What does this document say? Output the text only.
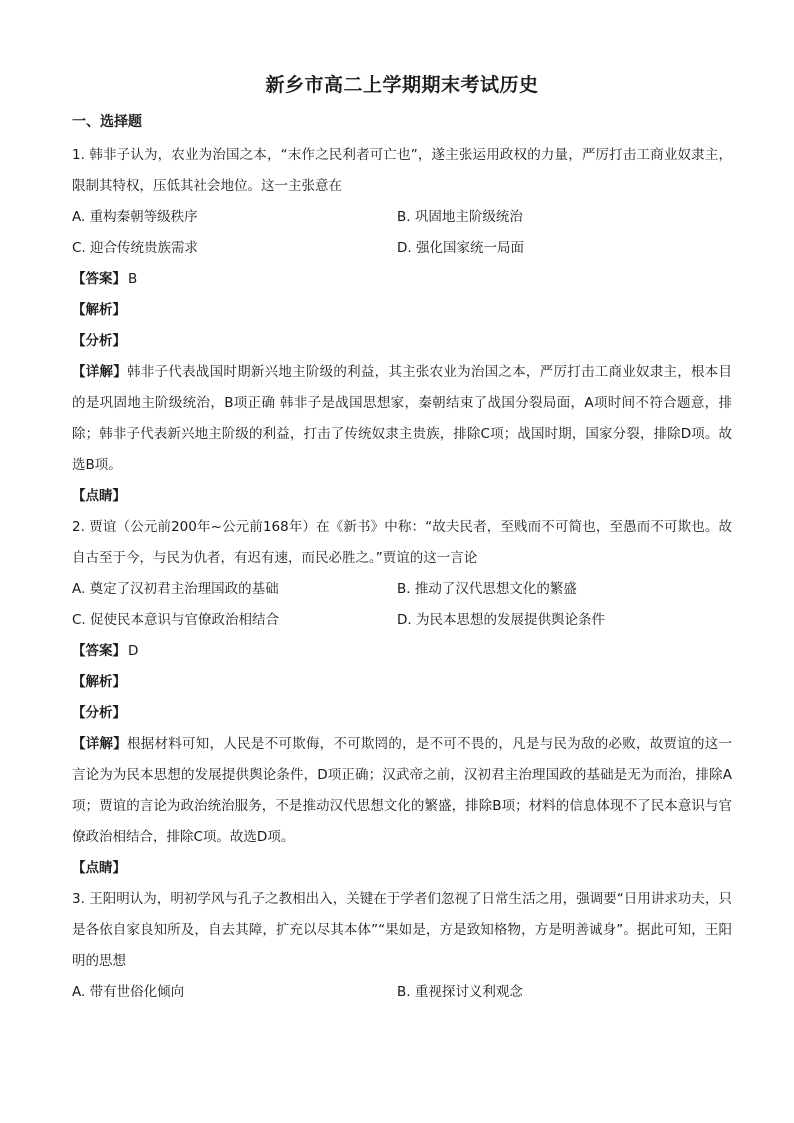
新乡市高二上学期期末考试历史
一、选择题

1. 韩非子认为，农业为治国之本，“末作之民利者可亡也”，遂主张运用政权的力量，严厉打击工商业奴隶主，限制其特权，压低其社会地位。这一主张意在

A. 重构秦朝等级秩序	B. 巩固地主阶级统治
C. 迎合传统贵族需求	D. 强化国家统一局面
【答案】 B
【解析】
【分析】

【详解】韩非子代表战国时期新兴地主阶级的利益，其主张农业为治国之本，严厉打击工商业奴隶主，根本目的是巩固地主阶级统治，B项正确 韩非子是战国思想家，秦朝结束了战国分裂局面，A项时间不符合题意，排除；韩非子代表新兴地主阶级的利益，打击了传统奴隶主贵族，排除C项；战国时期，国家分裂，排除D项。故选B项。

【点睛】

2. 贾谊（公元前200年~公元前168年）在《新书》中称：“故夫民者，至贱而不可简也，至愚而不可欺也。故自古至于今，与民为仇者，有迟有速，而民必胜之。”贾谊的这一言论

A. 奠定了汉初君主治理国政的基础	B. 推动了汉代思想文化的繁盛
C. 促使民本意识与官僚政治相结合	D. 为民本思想的发展提供舆论条件
【答案】 D
【解析】
【分析】

【详解】根据材料可知，人民是不可欺侮，不可欺罔的，是不可不畏的，凡是与民为敌的必败，故贾谊的这一言论为为民本思想的发展提供舆论条件，D项正确；汉武帝之前，汉初君主治理国政的基础是无为而治，排除A项；贾谊的言论为政治统治服务，不是推动汉代思想文化的繁盛，排除B项；材料的信息体现不了民本意识与官僚政治相结合，排除C项。故选D项。

【点睛】

3. 王阳明认为，明初学风与孔子之教相出入，关键在于学者们忽视了日常生活之用，强调要“日用讲求功夫，只是各依自家良知所及，自去其障，扩充以尽其本体”“果如是，方是致知格物，方是明善诚身”。据此可知，王阳明的思想

A. 带有世俗化倾向	B. 重视探讨义利观念
